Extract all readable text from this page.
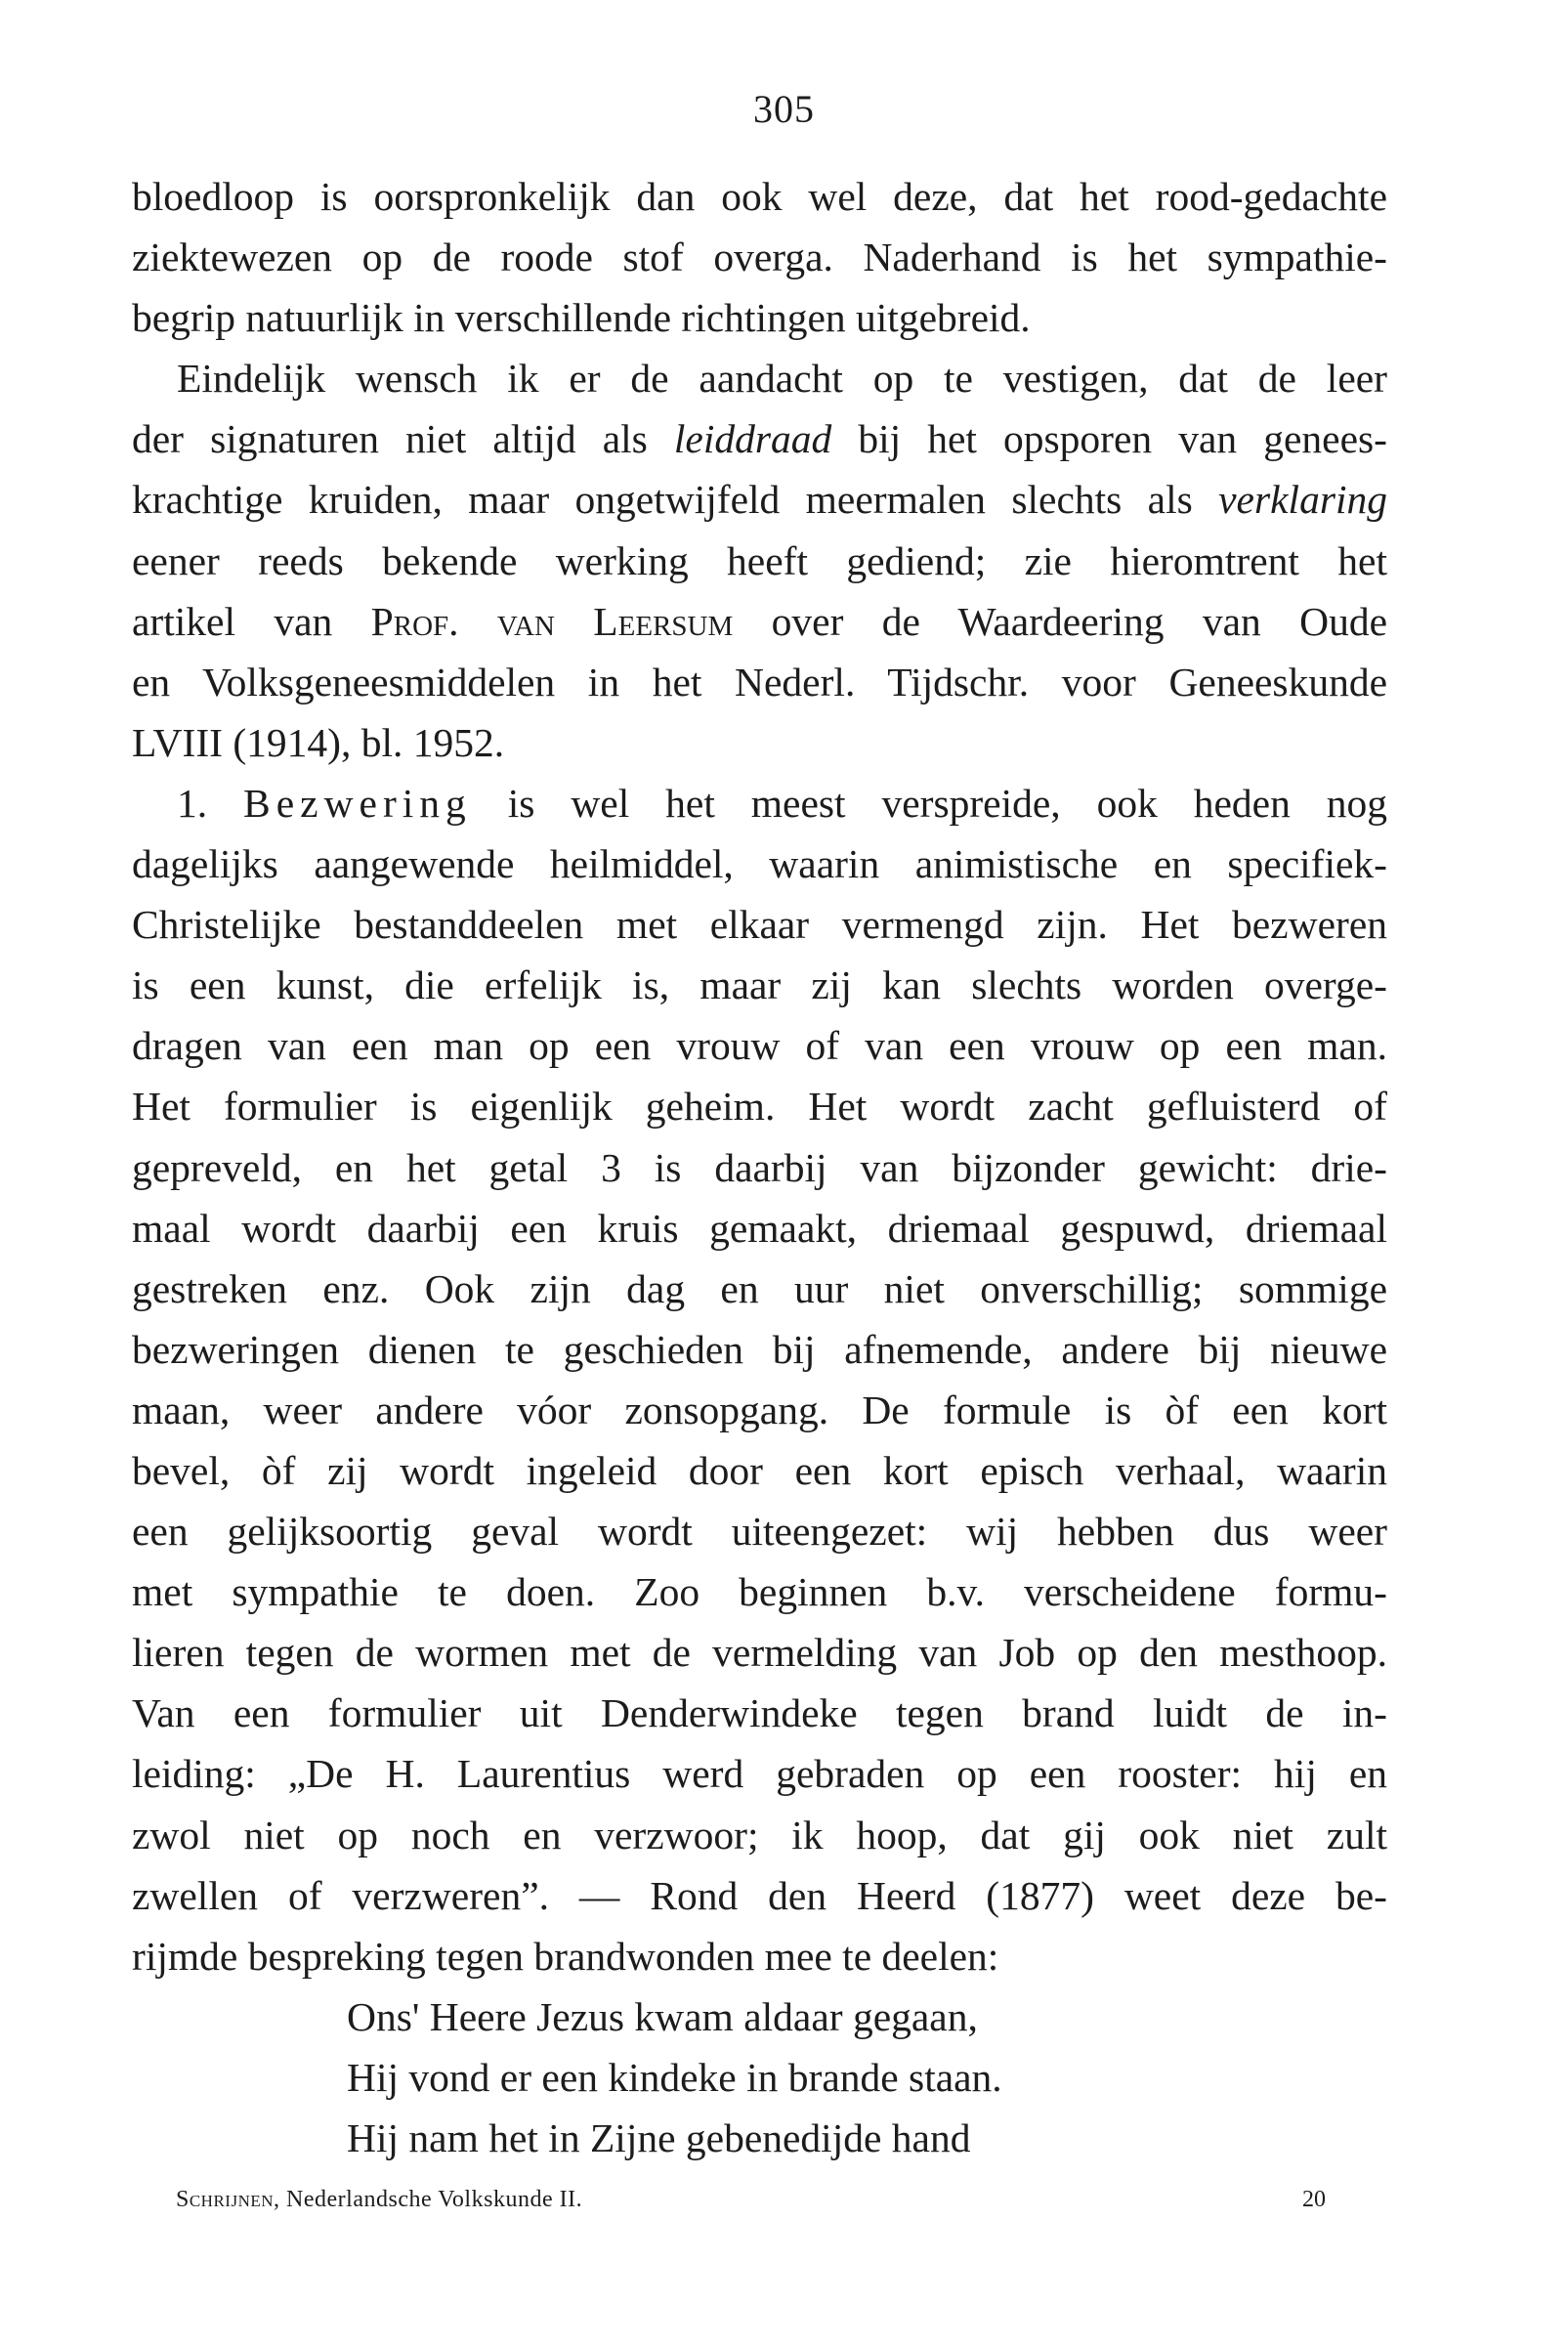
305
bloedloop is oorspronkelijk dan ook wel deze, dat het rood-gedachte
ziektewezen op de roode stof overga. Naderhand is het sympathie-
begrip natuurlijk in verschillende richtingen uitgebreid.
Eindelijk wensch ik er de aandacht op te vestigen, dat de leer
der signaturen niet altijd als leiddraad bij het opsporen van genees-
krachtige kruiden, maar ongetwijfeld meermalen slechts als verklaring
eener reeds bekende werking heeft gediend; zie hieromtrent het
artikel van Prof. van Leersum over de Waardeering van Oude
en Volksgeneesmiddelen in het Nederl. Tijdschr. voor Geneeskunde
LVIII (1914), bl. 1952.
1. Bezwering is wel het meest verspreide, ook heden nog
dagelijks aangewende heilmiddel, waarin animistische en specifiek-
Christelijke bestanddeelen met elkaar vermengd zijn. Het bezweren
is een kunst, die erfelijk is, maar zij kan slechts worden overge-
dragen van een man op een vrouw of van een vrouw op een man.
Het formulier is eigenlijk geheim. Het wordt zacht gefluisterd of
gepreveld, en het getal 3 is daarbij van bijzonder gewicht: drie-
maal wordt daarbij een kruis gemaakt, driemaal gespuwd, driemaal
gestreken enz. Ook zijn dag en uur niet onverschillig; sommige
bezweringen dienen te geschieden bij afnemende, andere bij nieuwe
maan, weer andere vóor zonsopgang. De formule is òf een kort
bevel, òf zij wordt ingeleid door een kort episch verhaal, waarin
een gelijksoortig geval wordt uiteengezet: wij hebben dus weer
met sympathie te doen. Zoo beginnen b.v. verscheidene formu-
lieren tegen de wormen met de vermelding van Job op den mesthoop.
Van een formulier uit Denderwindeke tegen brand luidt de in-
leiding: „De H. Laurentius werd gebraden op een rooster: hij en
zwol niet op noch en verzwoor; ik hoop, dat gij ook niet zult
zwellen of verzweren”. — Rond den Heerd (1877) weet deze be-
rijmde bespreking tegen brandwonden mee te deelen:
Ons' Heere Jezus kwam aldaar gegaan,
Hij vond er een kindeke in brande staan.
Hij nam het in Zijne gebenedijde hand
Schrijnen, Nederlandsche Volkskunde II.	20
